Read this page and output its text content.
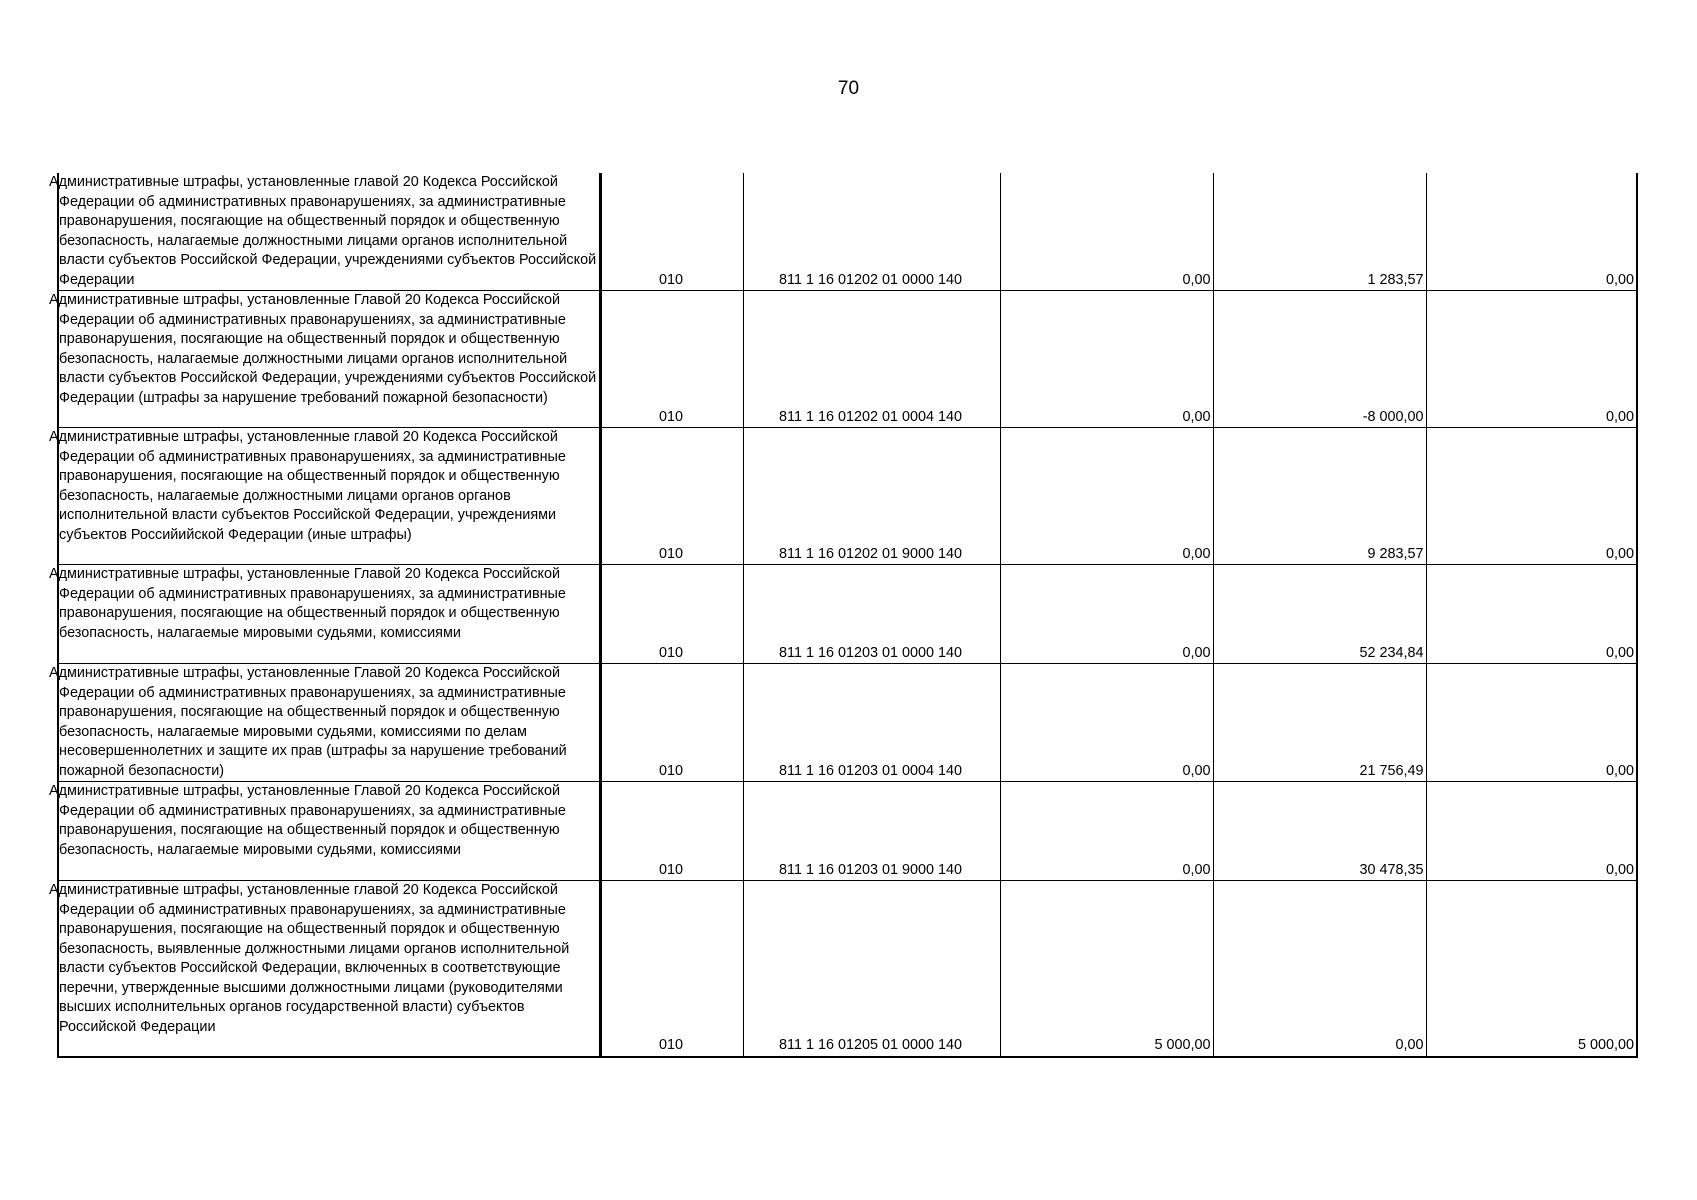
70
Административные штрафы, установленные главой 20 Кодекса Российской Федерации об административных правонарушениях, за административные правонарушения, посягающие на общественный порядок и общественную безопасность, налагаемые должностными лицами органов исполнительной власти субъектов Российской Федерации, учреждениями субъектов Российской Федерации	010	811 1 16 01202 01 0000 140	0,00	1 283,57	0,00
Административные штрафы, установленные Главой 20 Кодекса Российской Федерации об административных правонарушениях, за административные правонарушения, посягающие на общественный порядок и общественную безопасность, налагаемые должностными лицами органов исполнительной власти субъектов Российской Федерации, учреждениями субъектов Российской Федерации (штрафы за нарушение требований пожарной безопасности)	010	811 1 16 01202 01 0004 140	0,00	-8 000,00	0,00
Административные штрафы, установленные главой 20 Кодекса Российской Федерации об административных правонарушениях, за административные правонарушения, посягающие на общественный порядок и общественную безопасность, налагаемые должностными лицами органов органов исполнительной власти субъектов Российской Федерации, учреждениями субъектов Российийской Федерации (иные штрафы)	010	811 1 16 01202 01 9000 140	0,00	9 283,57	0,00
Административные штрафы, установленные Главой 20 Кодекса Российской Федерации об административных правонарушениях, за административные правонарушения, посягающие на общественный порядок и общественную безопасность, налагаемые мировыми судьями, комиссиями	010	811 1 16 01203 01 0000 140	0,00	52 234,84	0,00
Административные штрафы, установленные Главой 20 Кодекса Российской Федерации об административных правонарушениях, за административные правонарушения, посягающие на общественный порядок и общественную безопасность, налагаемые мировыми судьями, комиссиями по делам несовершеннолетних и защите их прав (штрафы за нарушение требований пожарной безопасности)	010	811 1 16 01203 01 0004 140	0,00	21 756,49	0,00
Административные штрафы, установленные Главой 20 Кодекса Российской Федерации об административных правонарушениях, за административные правонарушения, посягающие на общественный порядок и общественную безопасность, налагаемые мировыми судьями, комиссиями	010	811 1 16 01203 01 9000 140	0,00	30 478,35	0,00
Административные штрафы, установленные главой 20 Кодекса Российской Федерации об административных правонарушениях, за административные правонарушения, посягающие на общественный порядок и общественную безопасность, выявленные должностными лицами органов исполнительной власти субъектов Российской Федерации, включенных в соответствующие перечни, утвержденные высшими должностными лицами (руководителями высших исполнительных органов государственной власти) субъектов Российской Федерации	010	811 1 16 01205 01 0000 140	5 000,00	0,00	5 000,00
